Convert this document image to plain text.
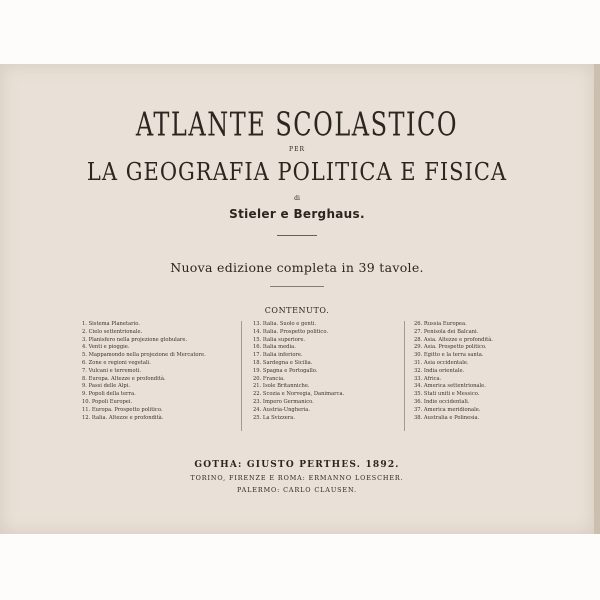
ATLANTE SCOLASTICO
PER
LA GEOGRAFIA POLITICA E FISICA
di
Stieler e Berghaus.
Nuova edizione completa in 39 tavole.
CONTENUTO.
1. Sistema Planetario.
2. Cielo settentrionale.
3. Planisfero nella projezione globulare.
4. Venti e pioggie.
5. Mappamondo nella projezione di Mercatore.
6. Zone e regioni vegetali.
7. Vulcani e terremoti.
8. Europa. Altezze e profondità.
9. Passi delle Alpi.
9. Popoli della terra.
10. Popoli Europei.
11. Europa. Prospetto politico.
12. Italia. Altezze e profondità.
13. Italia. Suolo e genti.
14. Italia. Prospetto politico.
15. Italia superiore.
16. Italia media.
17. Italia inferiore.
18. Sardegna e Sicilia.
19. Spagna e Portogallo.
20. Francia.
21. Isole Britanniche.
22. Scozia e Norvegia, Danimarca.
23. Impero Germanico.
24. Austria-Ungheria.
25. La Svizzera.
26. Russia Europea.
27. Penisola dei Balcani.
28. Asia. Altezze e profondità.
29. Asia. Prospetto politico.
30. Egitto e la terra santa.
31. Asia occidentale.
32. India orientale.
33. Africa.
34. America settentrionale.
35. Stati uniti e Messico.
36. Indie occidentali.
37. America meridionale.
38. Australia e Polinesia.
GOTHA: GIUSTO PERTHES. 1892.
TORINO, FIRENZE E ROMA: ERMANNO LOESCHER.
PALERMO: CARLO CLAUSEN.
